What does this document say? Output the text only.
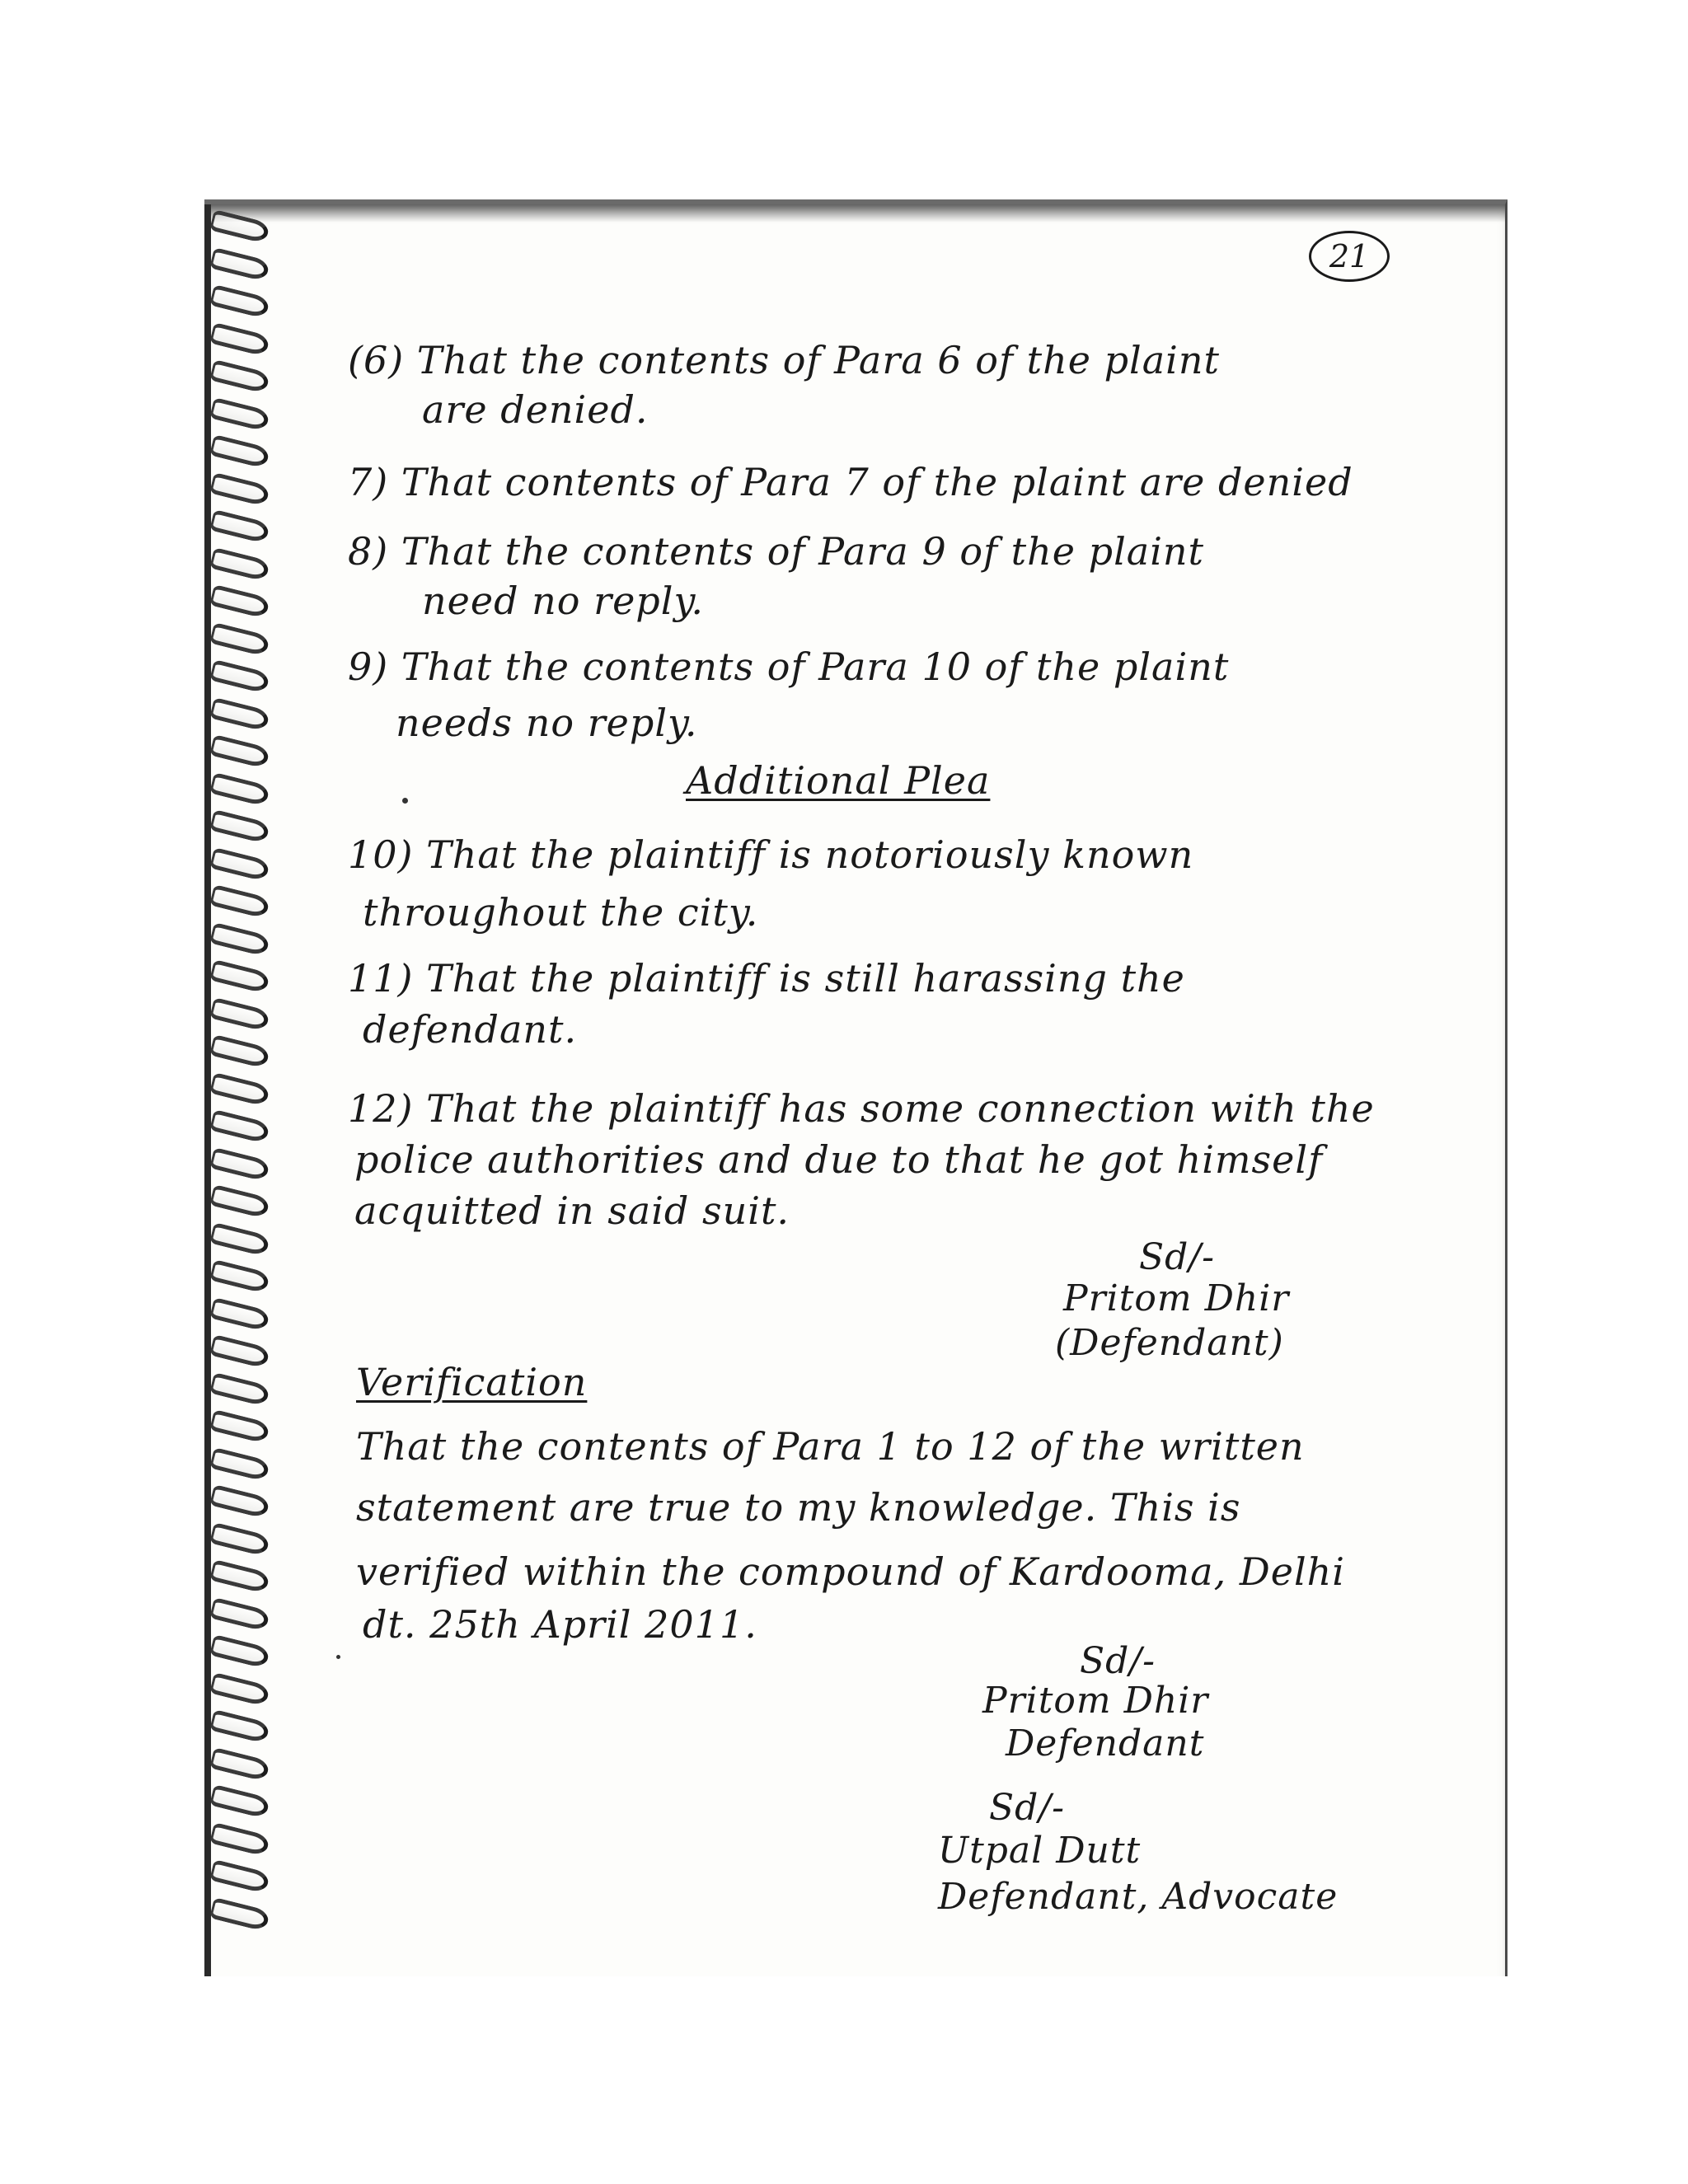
21
(6) That the contents of Para 6 of the plaint
are denied.
7) That contents of Para 7 of the plaint are denied
8) That the contents of Para 9 of the plaint
need no reply.
9) That the contents of Para 10 of the plaint
needs no reply.
Additional Plea
10) That the plaintiff is notoriously known
throughout the city.
11) That the plaintiff is still harassing the
defendant.
12) That the plaintiff has some connection with the
police authorities and due to that he got himself
acquitted in said suit.
Sd/-
Pritom Dhir
(Defendant)
Verification
That the contents of Para 1 to 12 of the written
statement are true to my knowledge. This is
verified within the compound of Kardooma, Delhi
dt. 25th April 2011.
Sd/-
Pritom Dhir
Defendant
Sd/-
Utpal Dutt
Defendant, Advocate
